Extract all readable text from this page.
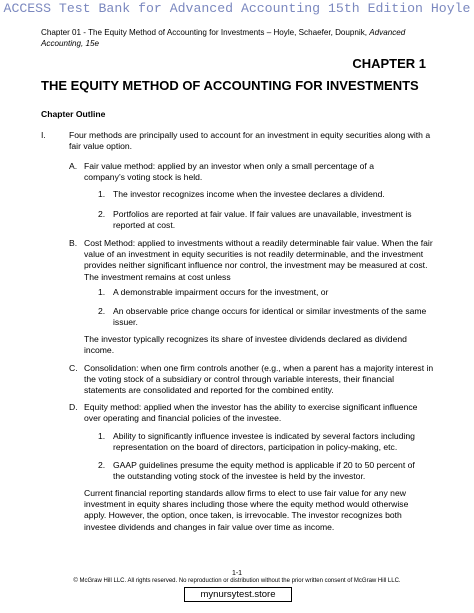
ACCESS Test Bank for Advanced Accounting 15th Edition Hoyle
Chapter 01 - The Equity Method of Accounting for Investments – Hoyle, Schaefer, Doupnik, Advanced Accounting, 15e
CHAPTER 1
THE EQUITY METHOD OF ACCOUNTING FOR INVESTMENTS
Chapter Outline
I.	Four methods are principally used to account for an investment in equity securities along with a fair value option.
A. Fair value method: applied by an investor when only a small percentage of a company’s voting stock is held.
1. The investor recognizes income when the investee declares a dividend.
2. Portfolios are reported at fair value. If fair values are unavailable, investment is reported at cost.
B. Cost Method: applied to investments without a readily determinable fair value. When the fair value of an investment in equity securities is not readily determinable, and the investment provides neither significant influence nor control, the investment may be measured at cost. The investment remains at cost unless
1. A demonstrable impairment occurs for the investment, or
2. An observable price change occurs for identical or similar investments of the same issuer.
The investor typically recognizes its share of investee dividends declared as dividend income.
C. Consolidation: when one firm controls another (e.g., when a parent has a majority interest in the voting stock of a subsidiary or control through variable interests, their financial statements are consolidated and reported for the combined entity.
D. Equity method: applied when the investor has the ability to exercise significant influence over operating and financial policies of the investee.
1. Ability to significantly influence investee is indicated by several factors including representation on the board of directors, participation in policy-making, etc.
2. GAAP guidelines presume the equity method is applicable if 20 to 50 percent of the outstanding voting stock of the investee is held by the investor.
Current financial reporting standards allow firms to elect to use fair value for any new investment in equity shares including those where the equity method would otherwise apply. However, the option, once taken, is irrevocable. The investor recognizes both investee dividends and changes in fair value over time as income.
1-1
© McGraw Hill LLC. All rights reserved. No reproduction or distribution without the prior written consent of McGraw Hill LLC.
mynursytest.store
